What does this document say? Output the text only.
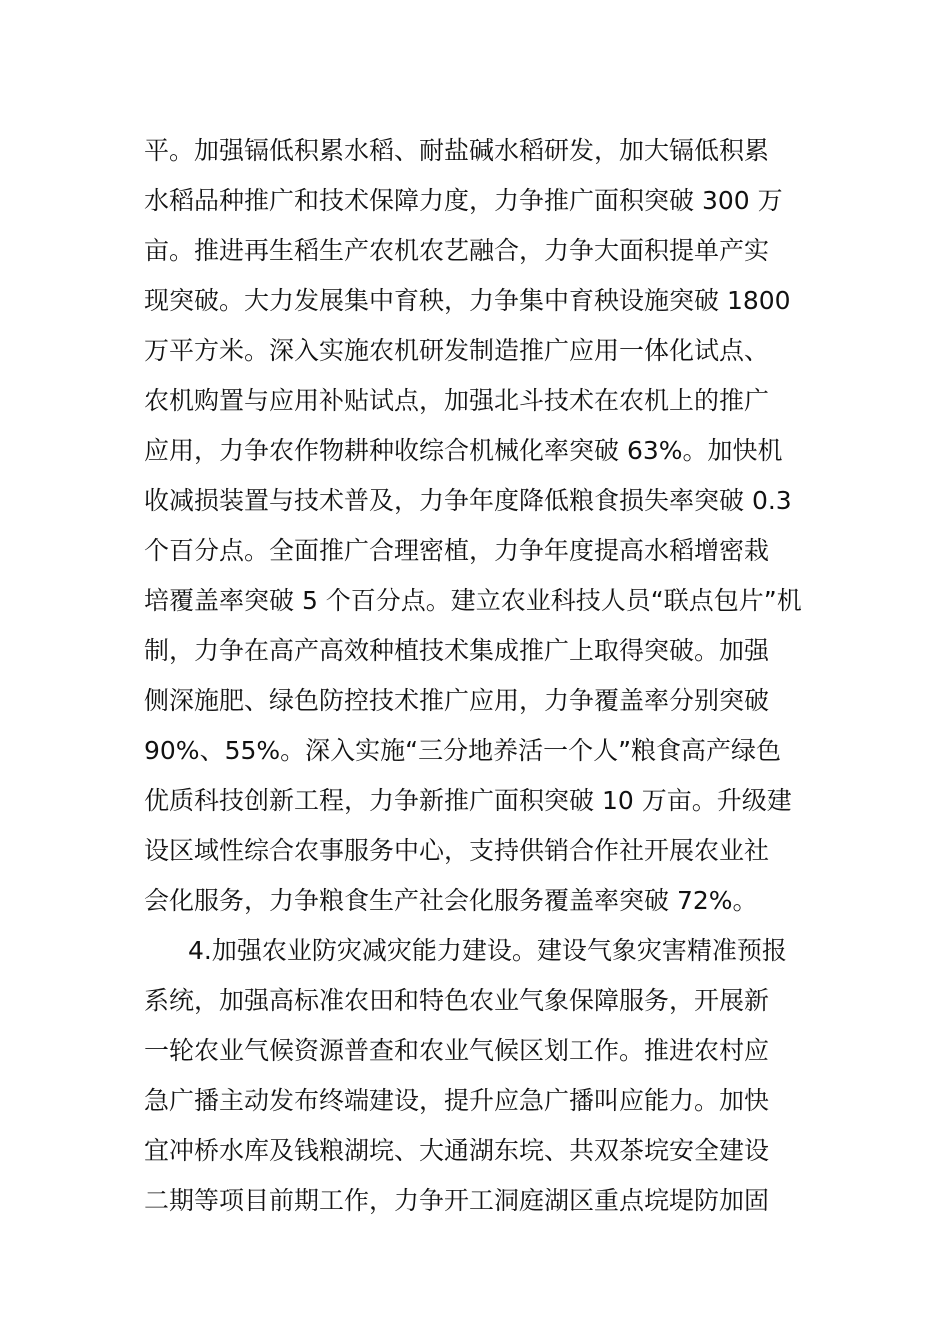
平。加强镉低积累水稻、耐盐碱水稻研发，加大镉低积累
水稻品种推广和技术保障力度，力争推广面积突破 300 万
亩。推进再生稻生产农机农艺融合，力争大面积提单产实
现突破。大力发展集中育秧，力争集中育秧设施突破 1800
万平方米。深入实施农机研发制造推广应用一体化试点、
农机购置与应用补贴试点，加强北斗技术在农机上的推广
应用，力争农作物耕种收综合机械化率突破 63%。加快机
收减损装置与技术普及，力争年度降低粮食损失率突破 0.3
个百分点。全面推广合理密植，力争年度提高水稻增密栽
培覆盖率突破 5 个百分点。建立农业科技人员“联点包片”机
制，力争在高产高效种植技术集成推广上取得突破。加强
侧深施肥、绿色防控技术推广应用，力争覆盖率分别突破
90%、55%。深入实施“三分地养活一个人”粮食高产绿色
优质科技创新工程，力争新推广面积突破 10 万亩。升级建
设区域性综合农事服务中心，支持供销合作社开展农业社
会化服务，力争粮食生产社会化服务覆盖率突破 72%。
4.加强农业防灾减灾能力建设。建设气象灾害精准预报
系统，加强高标准农田和特色农业气象保障服务，开展新
一轮农业气候资源普查和农业气候区划工作。推进农村应
急广播主动发布终端建设，提升应急广播叫应能力。加快
宜冲桥水库及钱粮湖垸、大通湖东垸、共双茶垸安全建设
二期等项目前期工作，力争开工洞庭湖区重点垸堤防加固
